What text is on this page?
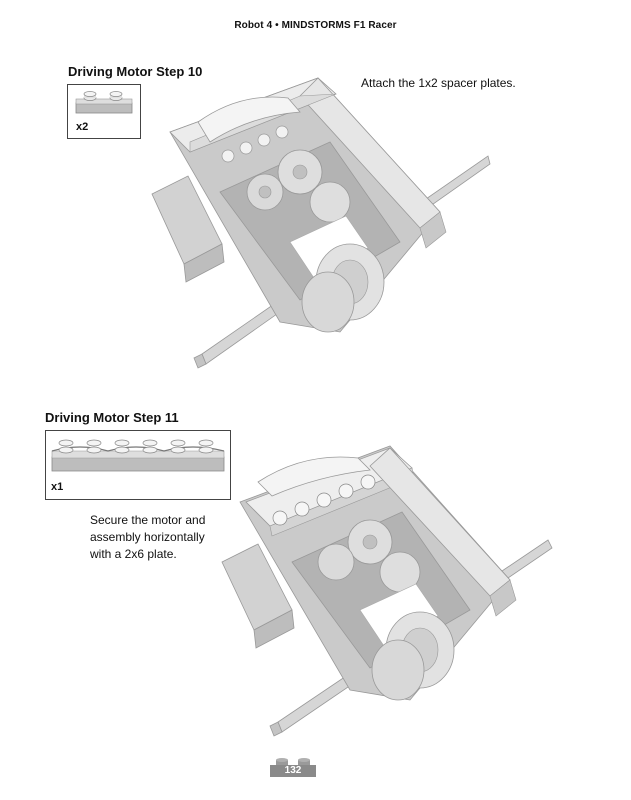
Robot 4 • MINDSTORMS F1 Racer
Driving Motor Step 10
x2
Attach the 1x2 spacer plates.
Driving Motor Step 11
x1
Secure the motor and
assembly horizontally
with a 2x6 plate.
132
